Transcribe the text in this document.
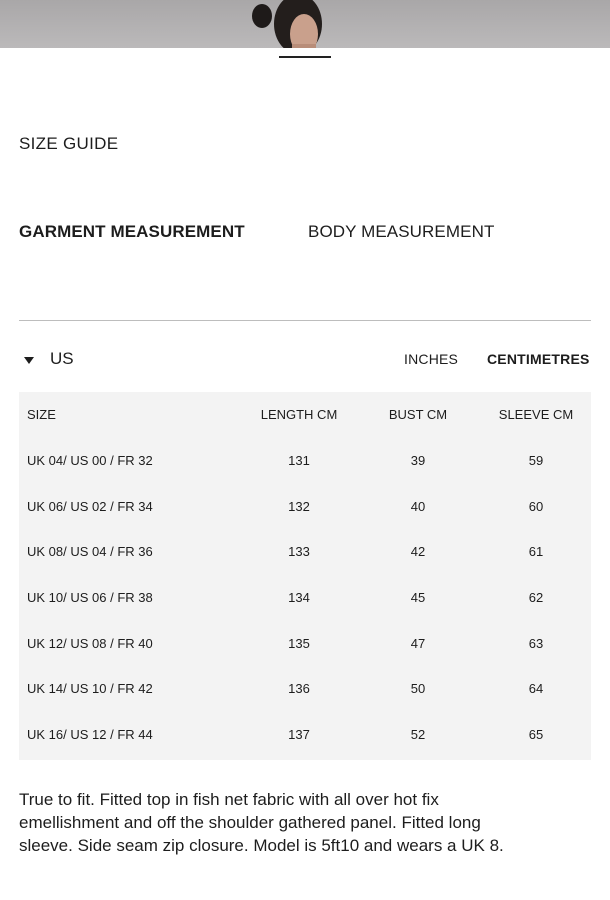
SIZE GUIDE
GARMENT MEASUREMENT	BODY MEASUREMENT
US	INCHES CENTIMETRES
SIZE	LENGTH CM	BUST CM	SLEEVE CM
UK 04/ US 00 / FR 32	131	39	59
UK 06/ US 02 / FR 34	132	40	60
UK 08/ US 04 / FR 36	133	42	61
UK 10/ US 06 / FR 38	134	45	62
UK 12/ US 08 / FR 40	135	47	63
UK 14/ US 10 / FR 42	136	50	64
UK 16/ US 12 / FR 44	137	52	65
True to fit. Fitted top in fish net fabric with all over hot fix emellishment and off the shoulder gathered panel. Fitted long sleeve. Side seam zip closure. Model is 5ft10 and wears a UK 8.
